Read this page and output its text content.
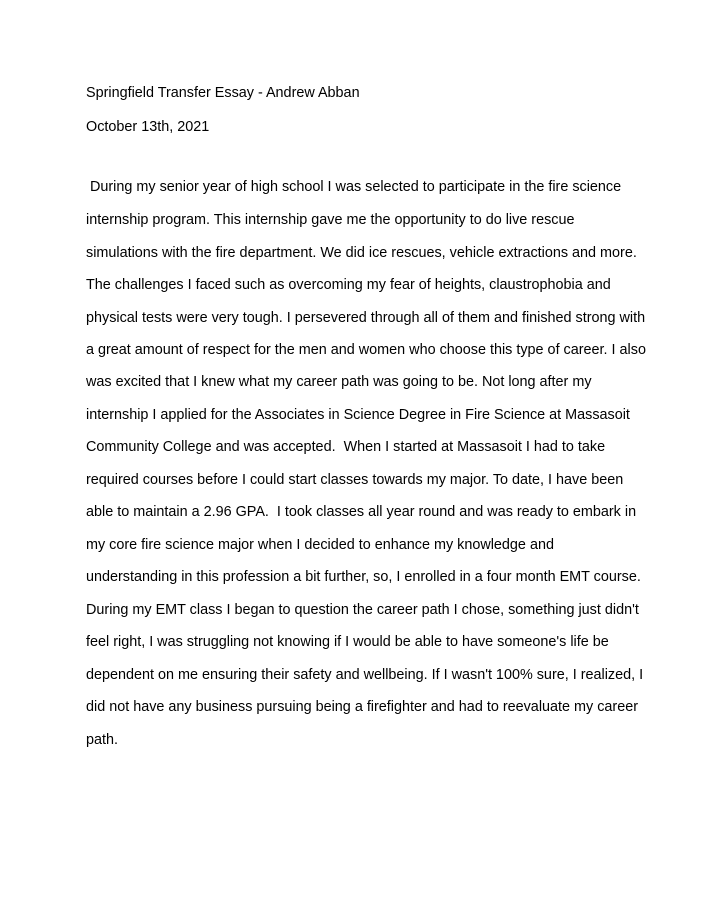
Springfield Transfer Essay - Andrew Abban
October 13th, 2021
During my senior year of high school I was selected to participate in the fire science
internship program. This internship gave me the opportunity to do live rescue
simulations with the fire department. We did ice rescues, vehicle extractions and more.
The challenges I faced such as overcoming my fear of heights, claustrophobia and
physical tests were very tough. I persevered through all of them and finished strong with
a great amount of respect for the men and women who choose this type of career. I also
was excited that I knew what my career path was going to be. Not long after my
internship I applied for the Associates in Science Degree in Fire Science at Massasoit
Community College and was accepted.  When I started at Massasoit I had to take
required courses before I could start classes towards my major. To date, I have been
able to maintain a 2.96 GPA.  I took classes all year round and was ready to embark in
my core fire science major when I decided to enhance my knowledge and
understanding in this profession a bit further, so, I enrolled in a four month EMT course.
During my EMT class I began to question the career path I chose, something just didn't
feel right, I was struggling not knowing if I would be able to have someone's life be
dependent on me ensuring their safety and wellbeing. If I wasn't 100% sure, I realized, I
did not have any business pursuing being a firefighter and had to reevaluate my career
path.
